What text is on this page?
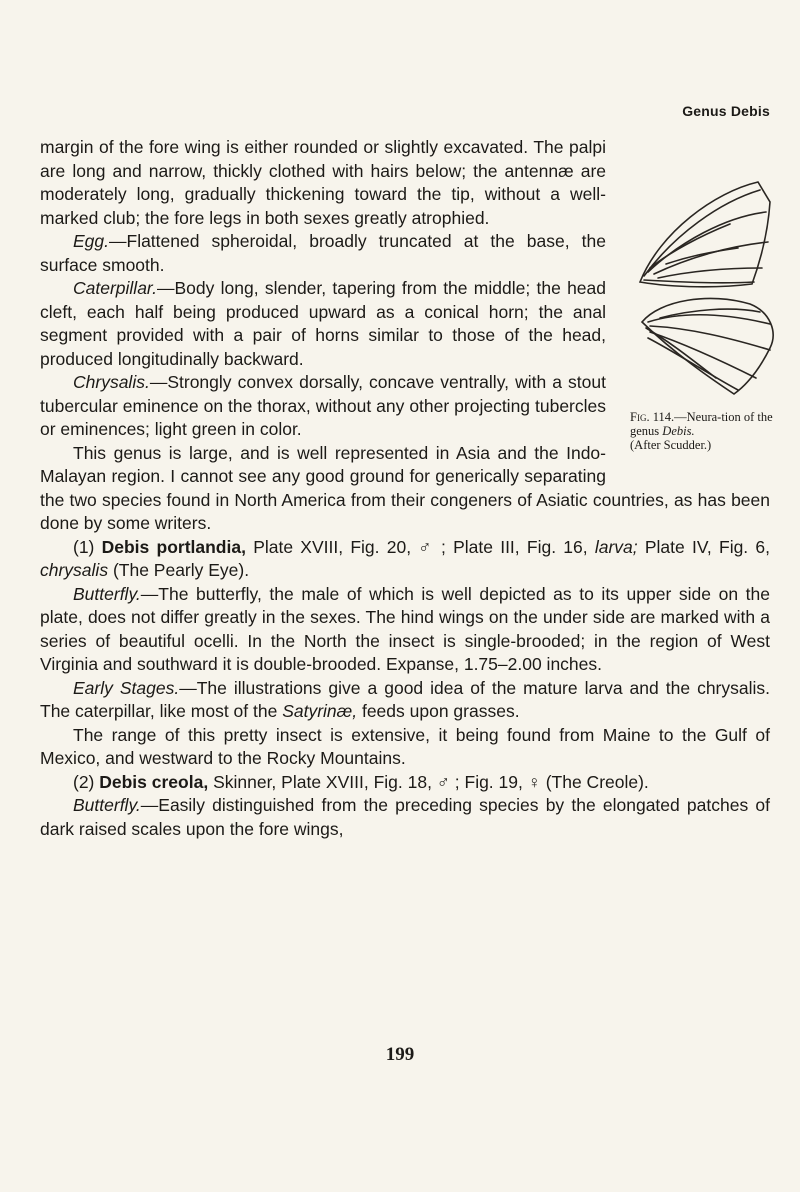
Genus Debis
Fig. 114.—Neura-tion of the genus Debis.
(After Scudder.)

margin of the fore wing is either rounded or slightly excavated. The palpi are long and narrow, thickly clothed with hairs below; the antennæ are moderately long, gradually thickening toward the tip, without a well-marked club; the fore legs in both sexes greatly atrophied.

Egg.—Flattened spheroidal, broadly truncated at the base, the surface smooth.

Caterpillar.—Body long, slender, tapering from the middle; the head cleft, each half being produced upward as a conical horn; the anal segment provided with a pair of horns similar to those of the head, produced longitudinally backward.

Chrysalis.—Strongly convex dorsally, concave ventrally, with a stout tubercular eminence on the thorax, without any other projecting tubercles or eminences; light green in color.

This genus is large, and is well represented in Asia and the Indo-Malayan region. I cannot see any good ground for generically separating the two species found in North America from their congeners of Asiatic countries, as has been done by some writers.

(1) Debis portlandia, Plate XVIII, Fig. 20, ♂ ; Plate III, Fig. 16, larva; Plate IV, Fig. 6, chrysalis (The Pearly Eye).

Butterfly.—The butterfly, the male of which is well depicted as to its upper side on the plate, does not differ greatly in the sexes. The hind wings on the under side are marked with a series of beautiful ocelli. In the North the insect is single-brooded; in the region of West Virginia and southward it is double-brooded. Expanse, 1.75–2.00 inches.

Early Stages.—The illustrations give a good idea of the mature larva and the chrysalis. The caterpillar, like most of the Satyrinæ, feeds upon grasses.

The range of this pretty insect is extensive, it being found from Maine to the Gulf of Mexico, and westward to the Rocky Mountains.

(2) Debis creola, Skinner, Plate XVIII, Fig. 18, ♂ ; Fig. 19, ♀ (The Creole).

Butterfly.—Easily distinguished from the preceding species by the elongated patches of dark raised scales upon the fore wings,

199
